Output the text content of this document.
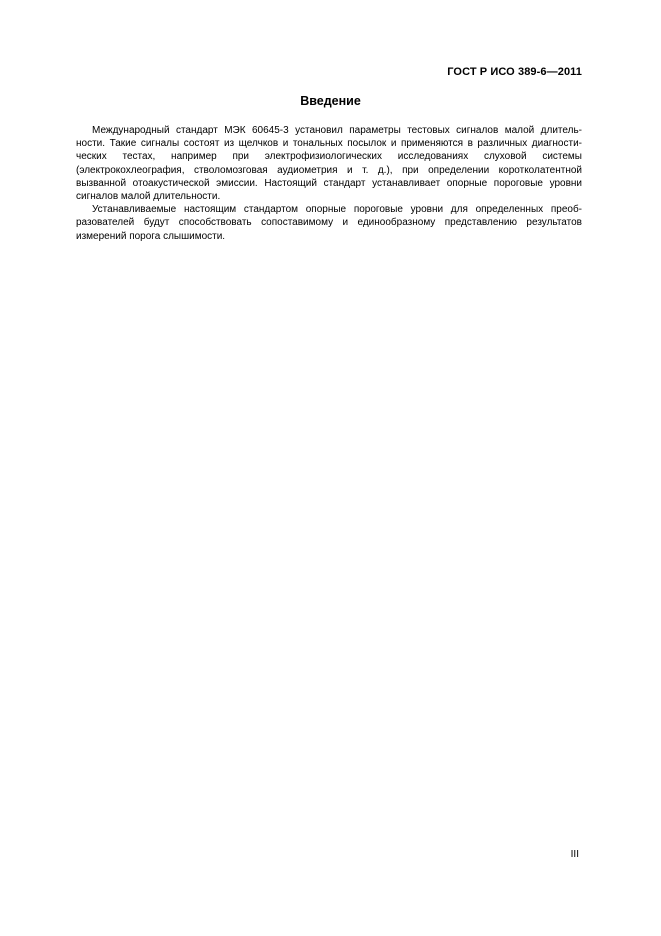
ГОСТ Р ИСО 389-6—2011
Введение

Международный стандарт МЭК 60645-3 установил параметры тестовых сигналов малой длитель-
ности. Такие сигналы состоят из щелчков и тональных посылок и применяются в различных диагности-
ческих тестах, например при электрофизиологических исследованиях слуховой системы
(электрокохлеография, стволомозговая аудиометрия и т. д.), при определении коротколатентной
вызванной отоакустической эмиссии. Настоящий стандарт устанавливает опорные пороговые уровни
сигналов малой длительности.

Устанавливаемые настоящим стандартом опорные пороговые уровни для определенных преоб-
разователей будут способствовать сопоставимому и единообразному представлению результатов
измерений порога слышимости.

III
